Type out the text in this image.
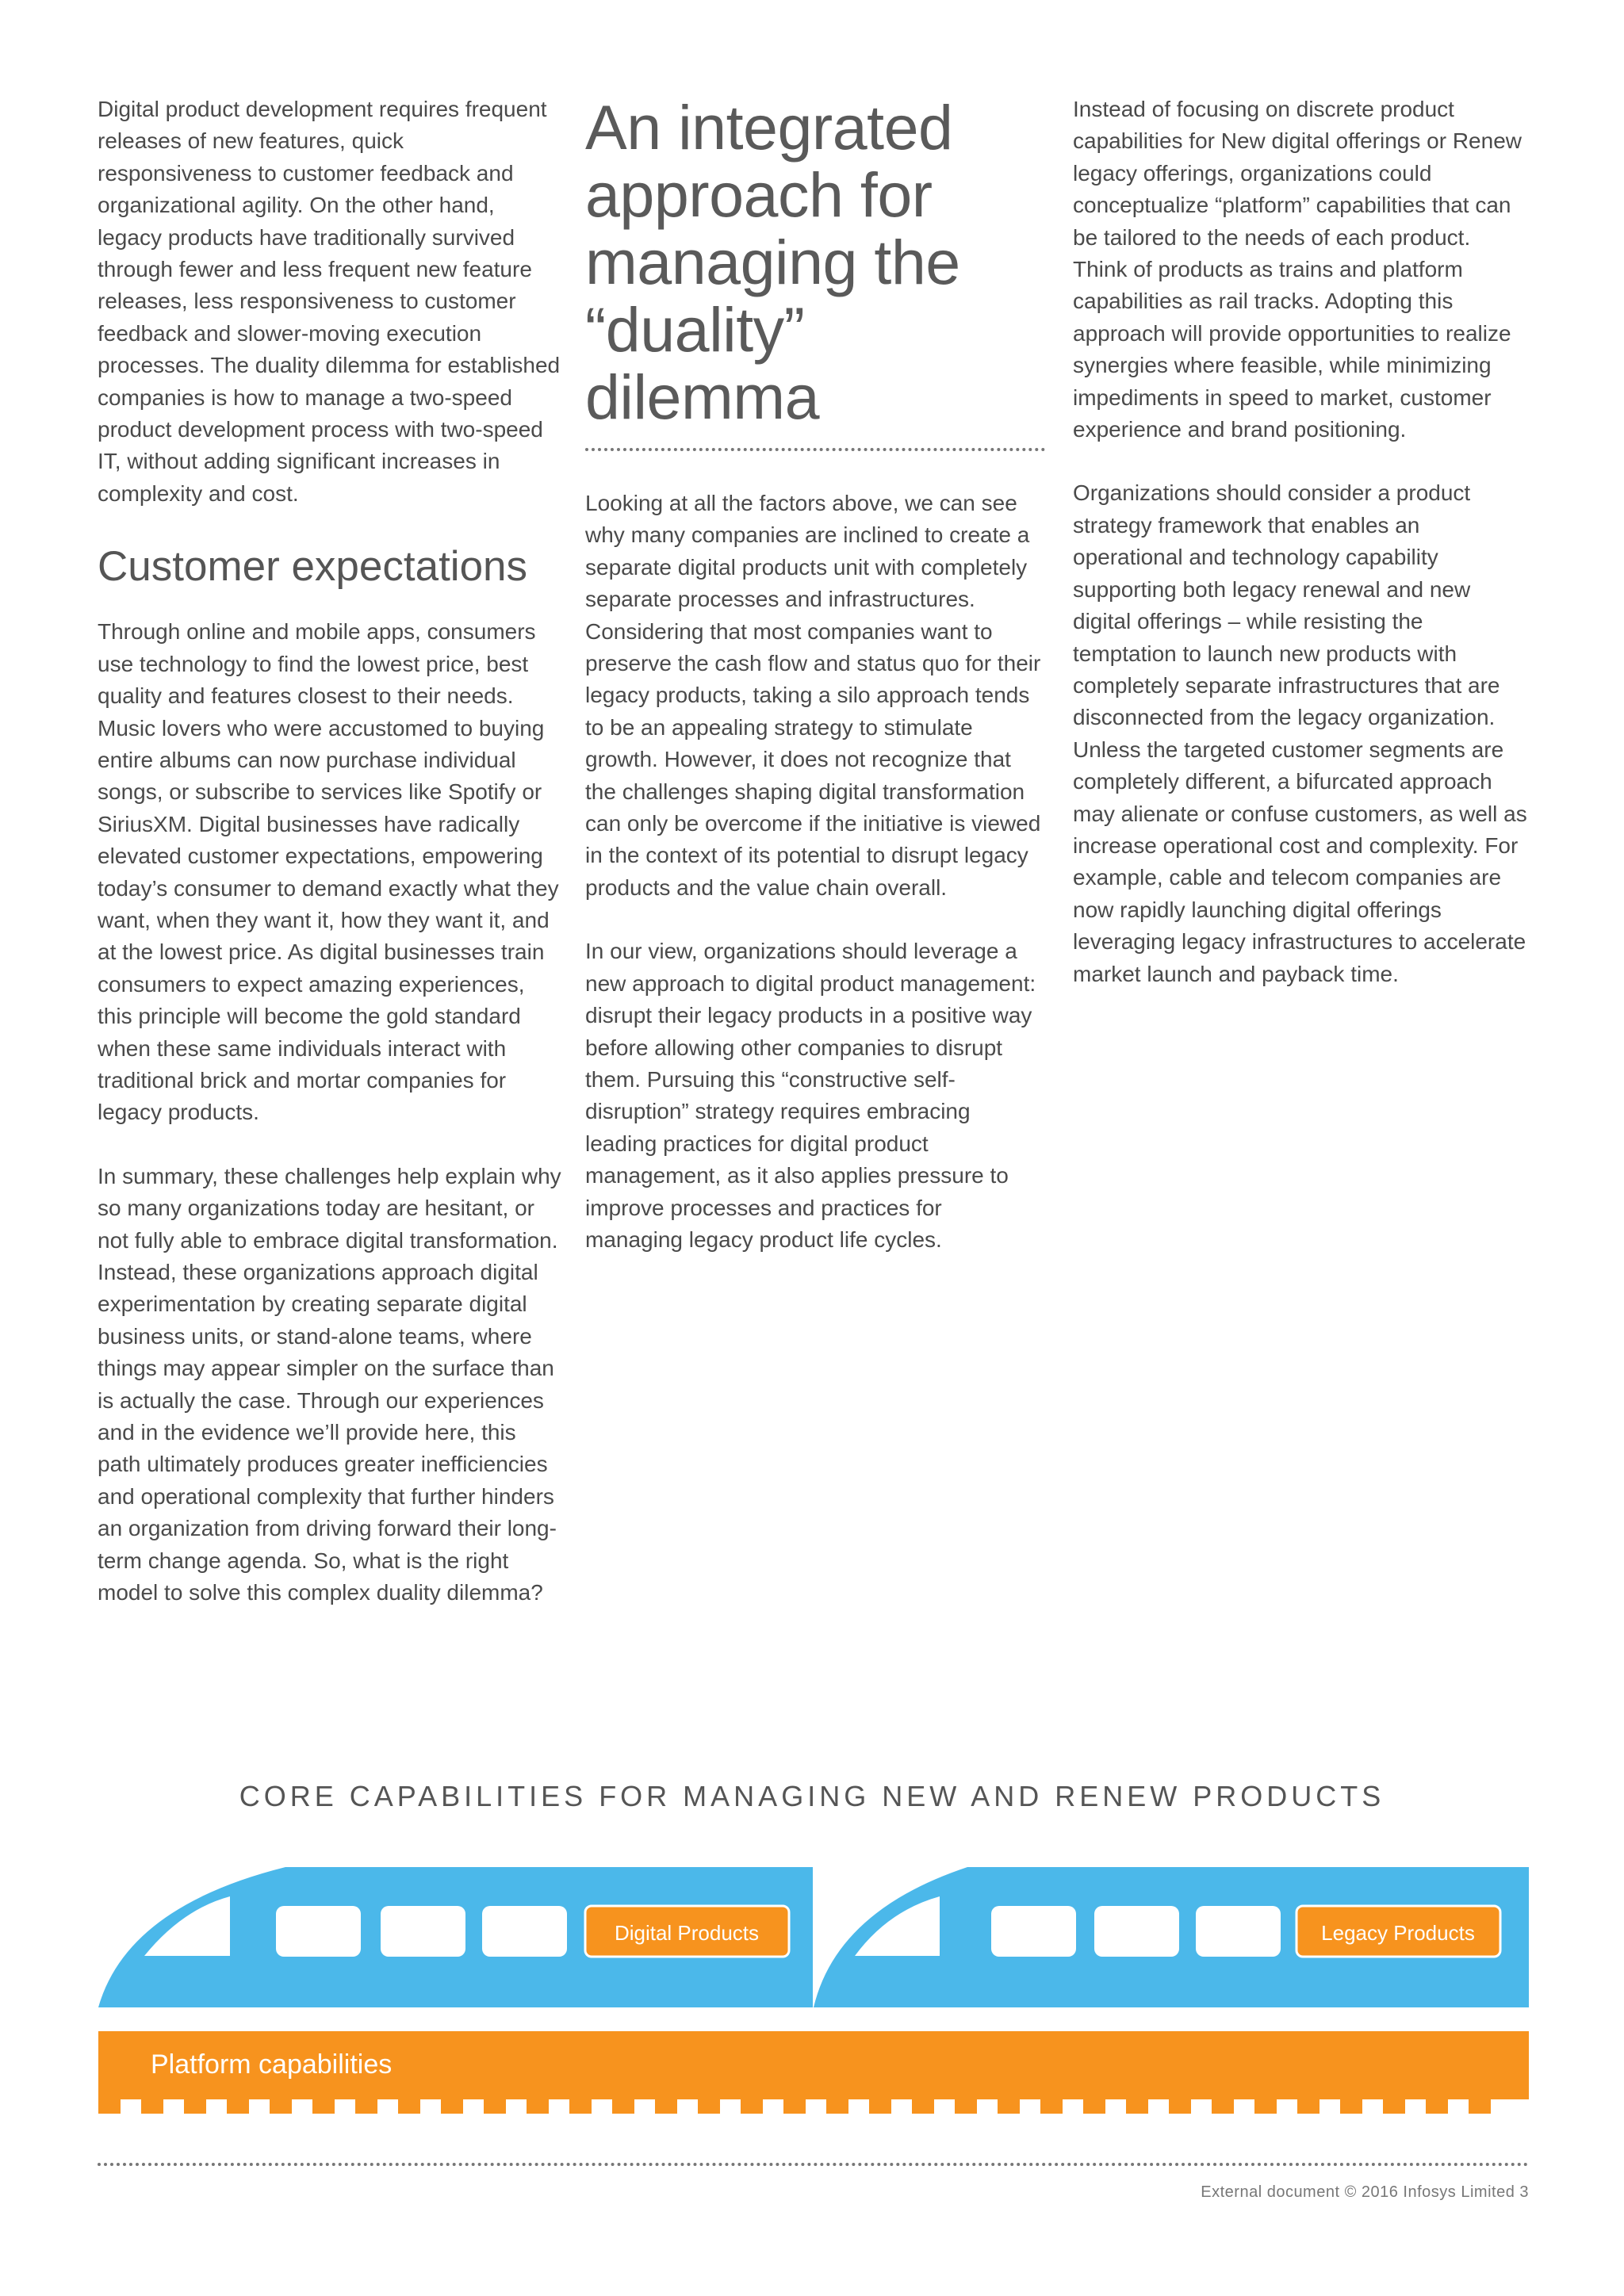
Digital product development requires frequent releases of new features, quick responsiveness to customer feedback and organizational agility. On the other hand, legacy products have traditionally survived through fewer and less frequent new feature releases, less responsiveness to customer feedback and slower-moving execution processes. The duality dilemma for established companies is how to manage a two-speed product development process with two-speed IT, without adding significant increases in complexity and cost.

Customer expectations

Through online and mobile apps, consumers use technology to find the lowest price, best quality and features closest to their needs. Music lovers who were accustomed to buying entire albums can now purchase individual songs, or subscribe to services like Spotify or SiriusXM. Digital businesses have radically elevated customer expectations, empowering today’s consumer to demand exactly what they want, when they want it, how they want it, and at the lowest price. As digital businesses train consumers to expect amazing experiences, this principle will become the gold standard when these same individuals interact with traditional brick and mortar companies for legacy products.

In summary, these challenges help explain why so many organizations today are hesitant, or not fully able to embrace digital transformation. Instead, these organizations approach digital experimentation by creating separate digital business units, or stand-alone teams, where things may appear simpler on the surface than is actually the case. Through our experiences and in the evidence we’ll provide here, this path ultimately produces greater inefficiencies and operational complexity that further hinders an organization from driving forward their long-term change agenda. So, what is the right model to solve this complex duality dilemma?

An integrated approach for managing the “duality” dilemma

Looking at all the factors above, we can see why many companies are inclined to create a separate digital products unit with completely separate processes and infrastructures. Considering that most companies want to preserve the cash flow and status quo for their legacy products, taking a silo approach tends to be an appealing strategy to stimulate growth. However, it does not recognize that the challenges shaping digital transformation can only be overcome if the initiative is viewed in the context of its potential to disrupt legacy products and the value chain overall.

In our view, organizations should leverage a new approach to digital product management: disrupt their legacy products in a positive way before allowing other companies to disrupt them. Pursuing this “constructive self-disruption” strategy requires embracing leading practices for digital product management, as it also applies pressure to improve processes and practices for managing legacy product life cycles.

Instead of focusing on discrete product capabilities for New digital offerings or Renew legacy offerings, organizations could conceptualize “platform” capabilities that can be tailored to the needs of each product. Think of products as trains and platform capabilities as rail tracks. Adopting this approach will provide opportunities to realize synergies where feasible, while minimizing impediments in speed to market, customer experience and brand positioning.

Organizations should consider a product strategy framework that enables an operational and technology capability supporting both legacy renewal and new digital offerings – while resisting the temptation to launch new products with completely separate infrastructures that are disconnected from the legacy organization. Unless the targeted customer segments are completely different, a bifurcated approach may alienate or confuse customers, as well as increase operational cost and complexity. For example, cable and telecom companies are now rapidly launching digital offerings leveraging legacy infrastructures to accelerate market launch and payback time.

CORE CAPABILITIES FOR MANAGING NEW AND RENEW PRODUCTS
Digital Products	Legacy Products
Platform capabilities
External document © 2016 Infosys Limited 3
